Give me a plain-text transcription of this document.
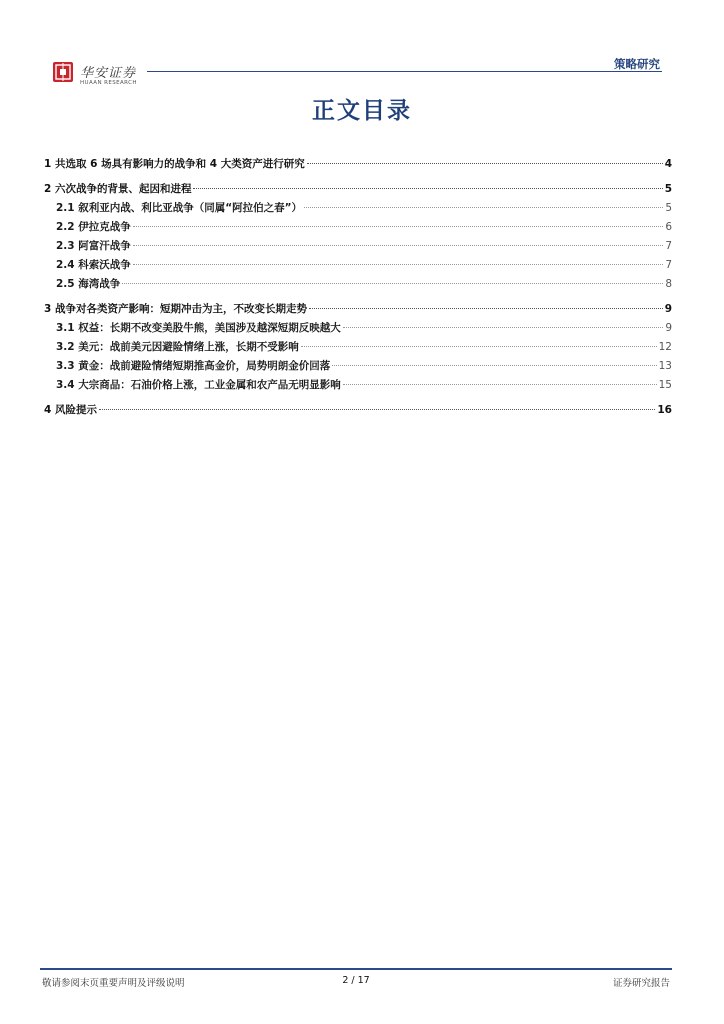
华安证券
HUAAN RESEARCH
策略研究
正文目录
1 共选取 6 场具有影响力的战争和 4 大类资产进行研究	4
2 六次战争的背景、起因和进程	5
2.1 叙利亚内战、利比亚战争（同属“阿拉伯之春”）	5
2.2 伊拉克战争	6
2.3 阿富汗战争	7
2.4 科索沃战争	7
2.5 海湾战争	8
3 战争对各类资产影响：短期冲击为主，不改变长期走势	9
3.1 权益：长期不改变美股牛熊，美国涉及越深短期反映越大	9
3.2 美元：战前美元因避险情绪上涨，长期不受影响	12
3.3 黄金：战前避险情绪短期推高金价，局势明朗金价回落	13
3.4 大宗商品：石油价格上涨，工业金属和农产品无明显影响	15
4 风险提示	16
敬请参阅末页重要声明及评级说明	2 / 17	证券研究报告
